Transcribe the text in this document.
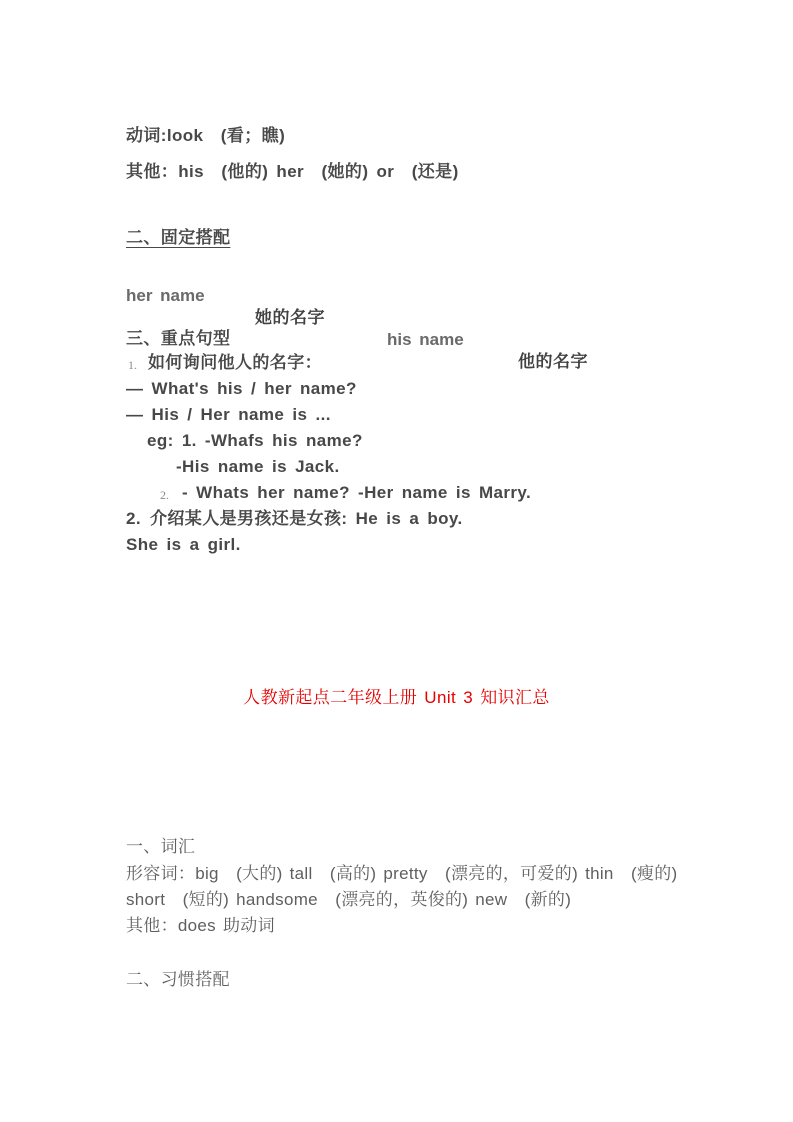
动词:look　(看；瞧)
其他：his　(他的) her　(她的) or　(还是)
二、固定搭配

her name

她的名字

his name

他的名字

三、重点句型
1. 如何询问他人的名字：
— What's his / her name?
— His / Her name is ...
eg: 1. -Whafs his name?
-His name is Jack.
2. - Whats her name? -Her name is Marry.
2. 介绍某人是男孩还是女孩: He is a boy.
She is a girl.
人教新起点二年级上册 Unit 3 知识汇总
一、词汇
形容词：big　(大的) tall　(高的) pretty　(漂亮的，可爱的) thin　(瘦的)
short　(短的) handsome　(漂亮的，英俊的) new　(新的)
其他：does 助动词
二、习惯搭配
